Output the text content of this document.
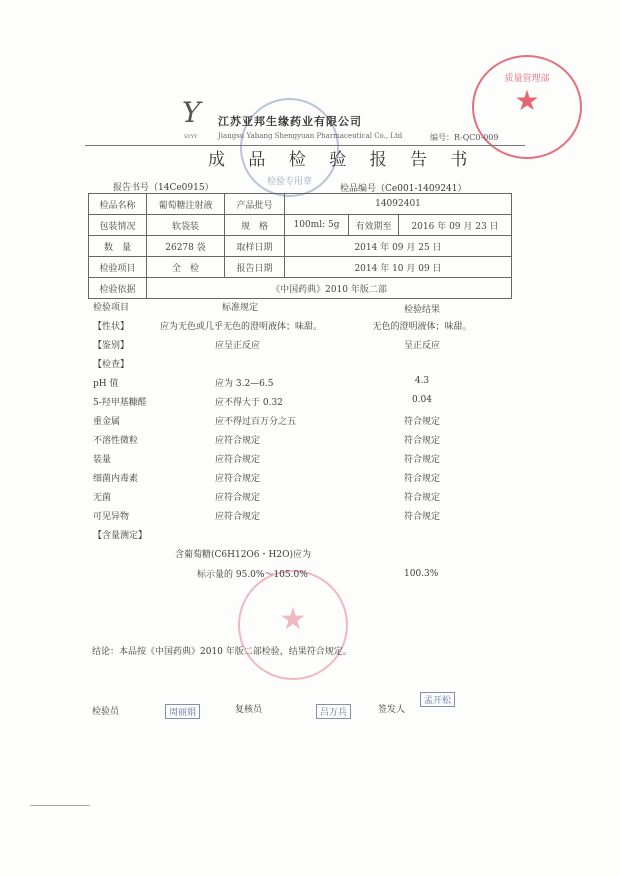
质量管理部
★
检验专用章
★
Y
SYYY
江苏亚邦生缘药业有限公司
Jiangsu Yabang Shengyuan Pharmaceutical Co., Ltd	编号：R-QC0-009
成 品 检 验 报 告 书
报告书号（14Ce0915）	检品编号（Ce001-1409241）
检品名称	葡萄糖注射液	产品批号	14092401		
包装情况	软袋装	规　格	100ml: 5g	有效期至	2016 年 09 月 23 日
数　量	26278 袋	取样日期	2014 年 09 月 25 日		
检验项目	全　检	报告日期	2014 年 10 月 09 日		
检验依据	《中国药典》2010 年版二部				
检验项目	标准规定	检验结果
【性状】	应为无色或几乎无色的澄明液体；味甜。	无色的澄明液体；味甜。
【鉴别】	应呈正反应	呈正反应
【检查】
pH 值	应为 3.2—6.5	4.3
5-羟甲基糠醛	应不得大于 0.32	0.04
重金属	应不得过百万分之五	符合规定
不溶性微粒	应符合规定	符合规定
装量	应符合规定	符合规定
细菌内毒素	应符合规定	符合规定
无菌	应符合规定	符合规定
可见异物	应符合规定	符合规定
【含量测定】
含葡萄糖(C6H12O6・H2O)应为
标示量的 95.0%～105.0%	100.3%
结论：本品按《中国药典》2010 年版二部检验，结果符合规定。
检验员	周丽娟	复核员	吕万兵	签发人
孟开松
